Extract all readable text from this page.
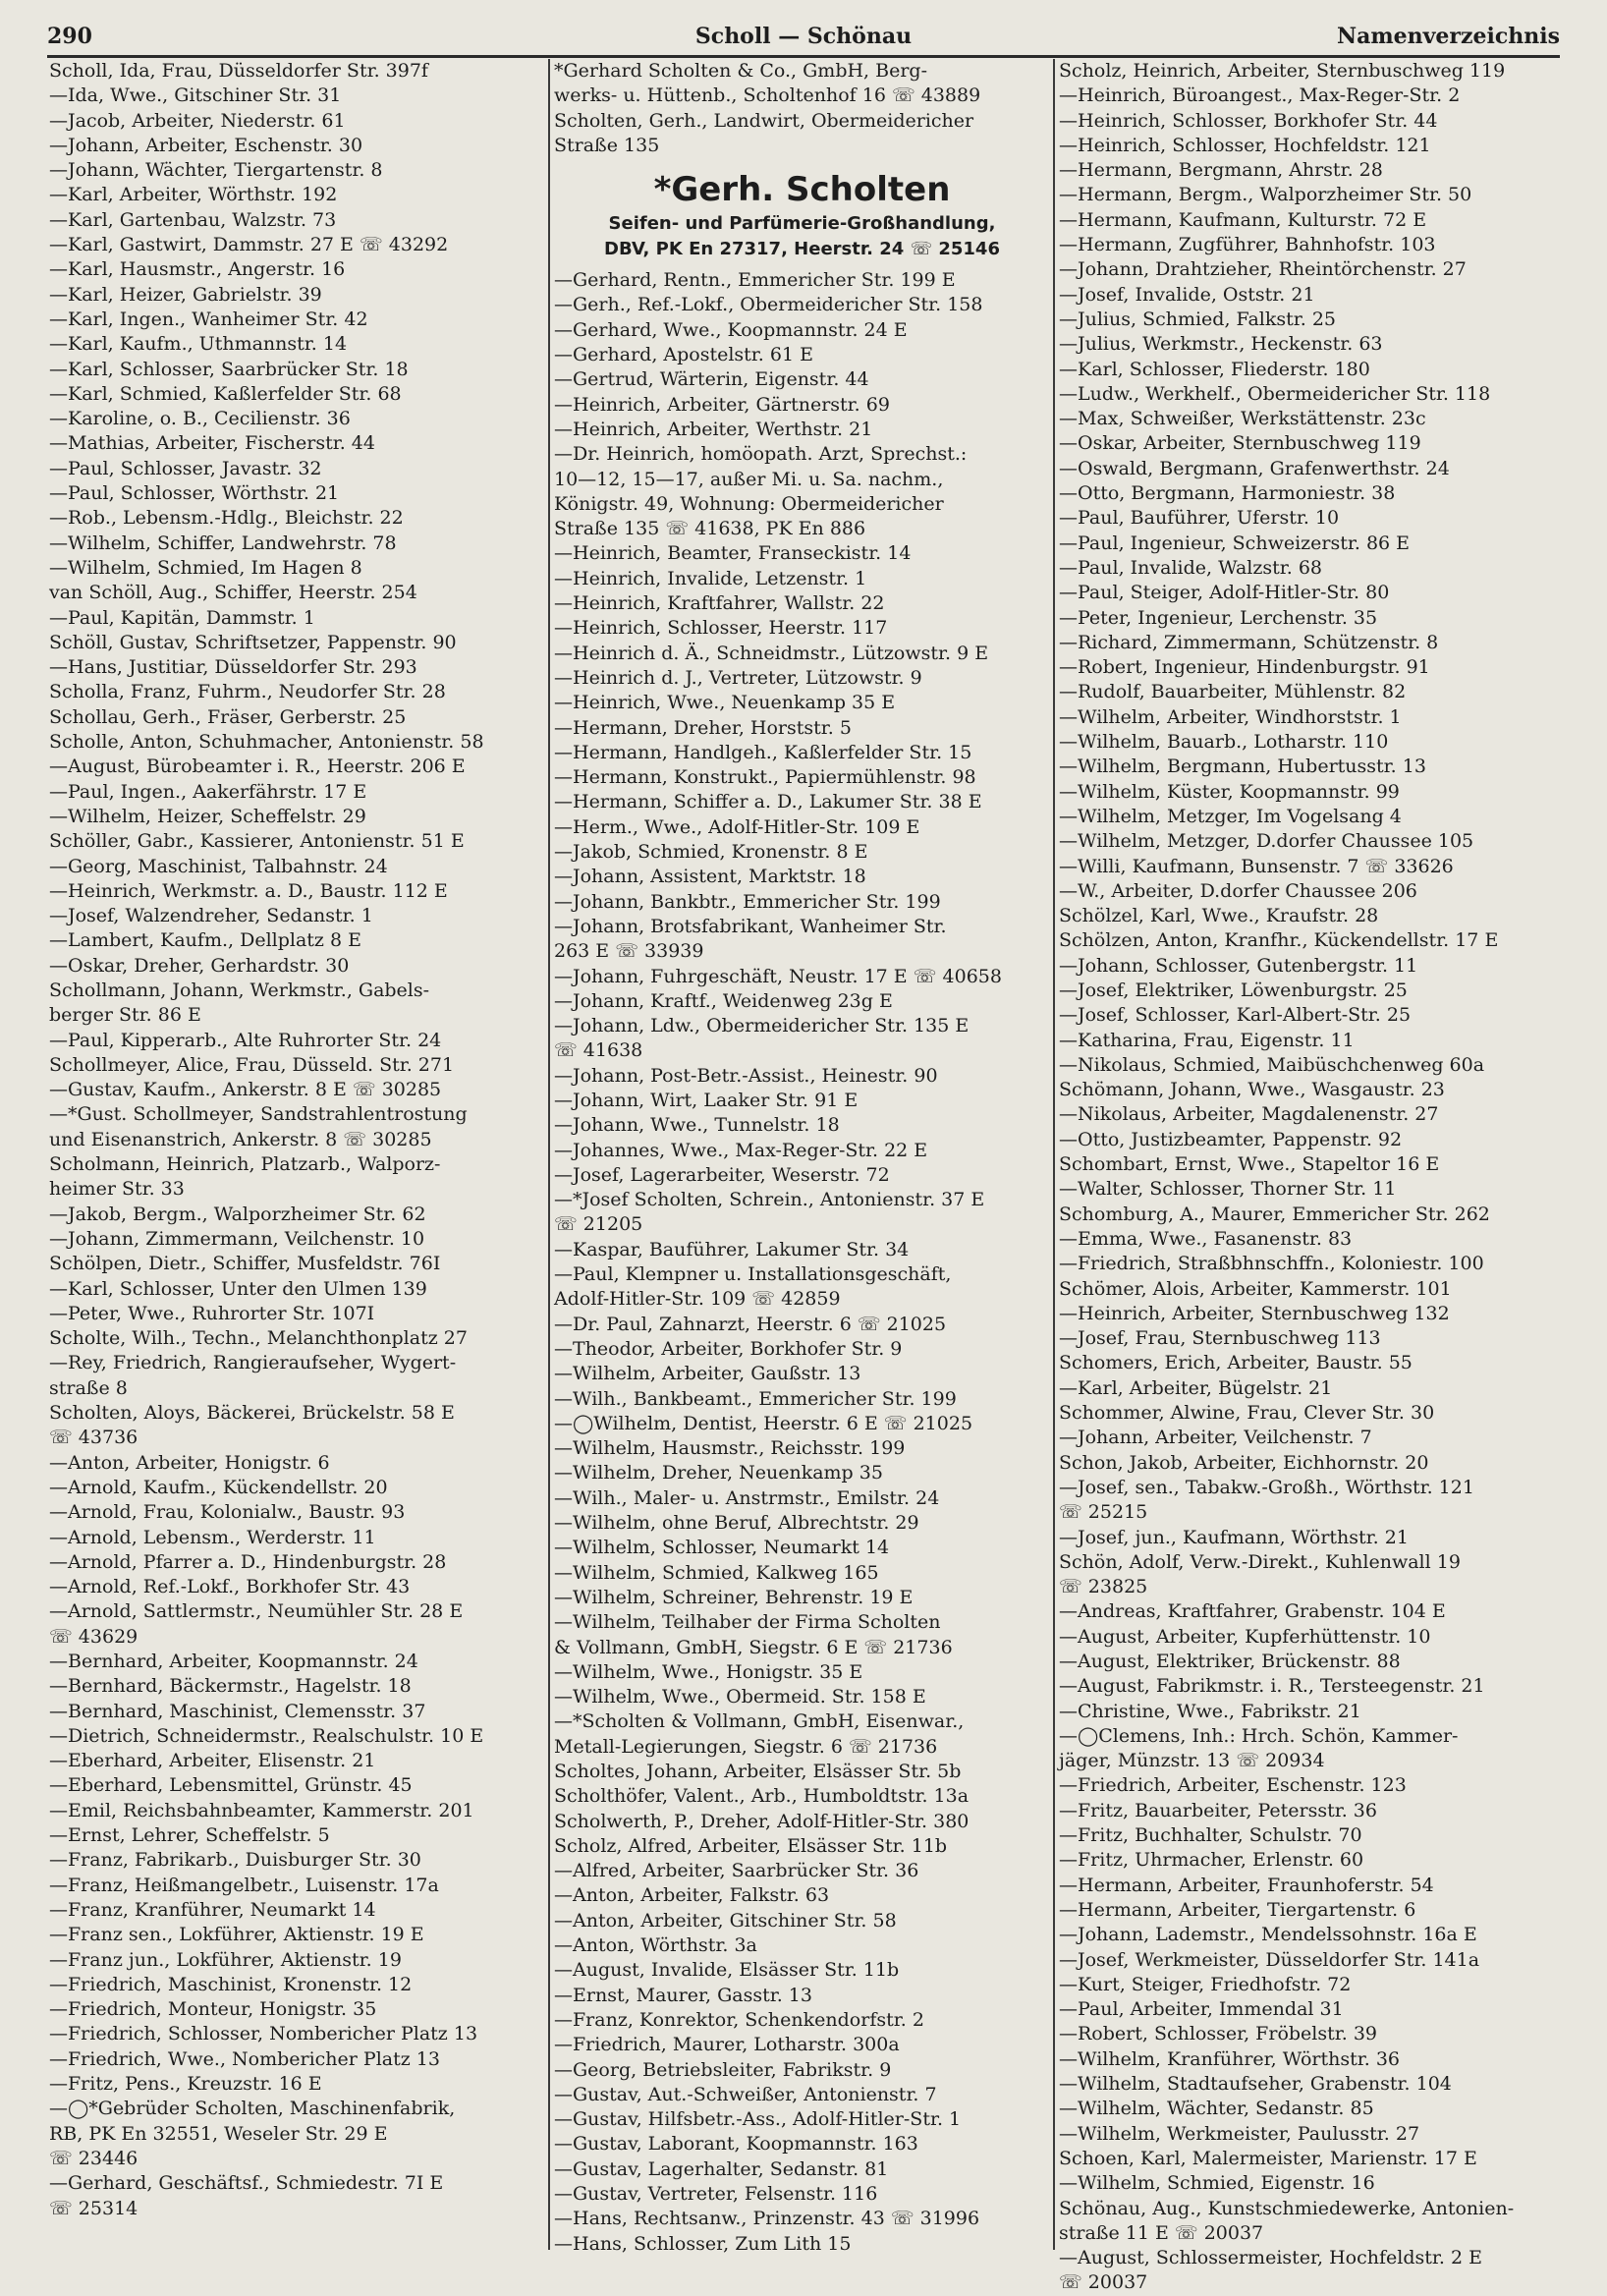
290	Scholl — Schönau	Namenverzeichnis
Scholl, Ida, Frau, Düsseldorfer Str. 397f
—Ida, Wwe., Gitschiner Str. 31
—Jacob, Arbeiter, Niederstr. 61
—Johann, Arbeiter, Eschenstr. 30
—Johann, Wächter, Tiergartenstr. 8
—Karl, Arbeiter, Wörthstr. 192
—Karl, Gartenbau, Walzstr. 73
—Karl, Gastwirt, Dammstr. 27 E ☏ 43292
—Karl, Hausmstr., Angerstr. 16
—Karl, Heizer, Gabrielstr. 39
—Karl, Ingen., Wanheimer Str. 42
—Karl, Kaufm., Uthmannstr. 14
—Karl, Schlosser, Saarbrücker Str. 18
—Karl, Schmied, Kaßlerfelder Str. 68
—Karoline, o. B., Cecilienstr. 36
—Mathias, Arbeiter, Fischerstr. 44
—Paul, Schlosser, Javastr. 32
—Paul, Schlosser, Wörthstr. 21
—Rob., Lebensm.-Hdlg., Bleichstr. 22
—Wilhelm, Schiffer, Landwehrstr. 78
—Wilhelm, Schmied, Im Hagen 8
van Schöll, Aug., Schiffer, Heerstr. 254
—Paul, Kapitän, Dammstr. 1
Schöll, Gustav, Schriftsetzer, Pappenstr. 90
—Hans, Justitiar, Düsseldorfer Str. 293
Scholla, Franz, Fuhrm., Neudorfer Str. 28
Schollau, Gerh., Fräser, Gerberstr. 25
Scholle, Anton, Schuhmacher, Antonienstr. 58
—August, Bürobeamter i. R., Heerstr. 206 E
—Paul, Ingen., Aakerfährstr. 17 E
—Wilhelm, Heizer, Scheffelstr. 29
Schöller, Gabr., Kassierer, Antonienstr. 51 E
—Georg, Maschinist, Talbahnstr. 24
—Heinrich, Werkmstr. a. D., Baustr. 112 E
—Josef, Walzendreher, Sedanstr. 1
—Lambert, Kaufm., Dellplatz 8 E
—Oskar, Dreher, Gerhardstr. 30
Schollmann, Johann, Werkmstr., Gabels-
berger Str. 86 E
—Paul, Kipperarb., Alte Ruhrorter Str. 24
Schollmeyer, Alice, Frau, Düsseld. Str. 271
—Gustav, Kaufm., Ankerstr. 8 E ☏ 30285
—*Gust. Schollmeyer, Sandstrahlentrostung
und Eisenanstrich, Ankerstr. 8 ☏ 30285
Scholmann, Heinrich, Platzarb., Walporz-
heimer Str. 33
—Jakob, Bergm., Walporzheimer Str. 62
—Johann, Zimmermann, Veilchenstr. 10
Schölpen, Dietr., Schiffer, Musfeldstr. 76I
—Karl, Schlosser, Unter den Ulmen 139
—Peter, Wwe., Ruhrorter Str. 107I
Scholte, Wilh., Techn., Melanchthonplatz 27
—Rey, Friedrich, Rangieraufseher, Wygert-
straße 8
Scholten, Aloys, Bäckerei, Brückelstr. 58 E
☏ 43736
—Anton, Arbeiter, Honigstr. 6
—Arnold, Kaufm., Kückendellstr. 20
—Arnold, Frau, Kolonialw., Baustr. 93
—Arnold, Lebensm., Werderstr. 11
—Arnold, Pfarrer a. D., Hindenburgstr. 28
—Arnold, Ref.-Lokf., Borkhofer Str. 43
—Arnold, Sattlermstr., Neumühler Str. 28 E
☏ 43629
—Bernhard, Arbeiter, Koopmannstr. 24
—Bernhard, Bäckermstr., Hagelstr. 18
—Bernhard, Maschinist, Clemensstr. 37
—Dietrich, Schneidermstr., Realschulstr. 10 E
—Eberhard, Arbeiter, Elisenstr. 21
—Eberhard, Lebensmittel, Grünstr. 45
—Emil, Reichsbahnbeamter, Kammerstr. 201
—Ernst, Lehrer, Scheffelstr. 5
—Franz, Fabrikarb., Duisburger Str. 30
—Franz, Heißmangelbetr., Luisenstr. 17a
—Franz, Kranführer, Neumarkt 14
—Franz sen., Lokführer, Aktienstr. 19 E
—Franz jun., Lokführer, Aktienstr. 19
—Friedrich, Maschinist, Kronenstr. 12
—Friedrich, Monteur, Honigstr. 35
—Friedrich, Schlosser, Nombericher Platz 13
—Friedrich, Wwe., Nombericher Platz 13
—Fritz, Pens., Kreuzstr. 16 E
—◯*Gebrüder Scholten, Maschinenfabrik,
RB, PK En 32551, Weseler Str. 29 E
☏ 23446
—Gerhard, Geschäftsf., Schmiedestr. 7I E
☏ 25314
*Gerhard Scholten & Co., GmbH, Berg-
werks- u. Hüttenb., Scholtenhof 16 ☏ 43889
Scholten, Gerh., Landwirt, Obermeidericher
Straße 135
*Gerh. Scholten
Seifen- und Parfümerie-Großhandlung,
DBV, PK En 27317, Heerstr. 24 ☏ 25146
—Gerhard, Rentn., Emmericher Str. 199 E
—Gerh., Ref.-Lokf., Obermeidericher Str. 158
—Gerhard, Wwe., Koopmannstr. 24 E
—Gerhard, Apostelstr. 61 E
—Gertrud, Wärterin, Eigenstr. 44
—Heinrich, Arbeiter, Gärtnerstr. 69
—Heinrich, Arbeiter, Werthstr. 21
—Dr. Heinrich, homöopath. Arzt, Sprechst.:
10—12, 15—17, außer Mi. u. Sa. nachm.,
Königstr. 49, Wohnung: Obermeidericher
Straße 135 ☏ 41638, PK En 886
—Heinrich, Beamter, Franseckistr. 14
—Heinrich, Invalide, Letzenstr. 1
—Heinrich, Kraftfahrer, Wallstr. 22
—Heinrich, Schlosser, Heerstr. 117
—Heinrich d. Ä., Schneidmstr., Lützowstr. 9 E
—Heinrich d. J., Vertreter, Lützowstr. 9
—Heinrich, Wwe., Neuenkamp 35 E
—Hermann, Dreher, Horststr. 5
—Hermann, Handlgeh., Kaßlerfelder Str. 15
—Hermann, Konstrukt., Papiermühlenstr. 98
—Hermann, Schiffer a. D., Lakumer Str. 38 E
—Herm., Wwe., Adolf-Hitler-Str. 109 E
—Jakob, Schmied, Kronenstr. 8 E
—Johann, Assistent, Marktstr. 18
—Johann, Bankbtr., Emmericher Str. 199
—Johann, Brotsfabrikant, Wanheimer Str.
263 E ☏ 33939
—Johann, Fuhrgeschäft, Neustr. 17 E ☏ 40658
—Johann, Kraftf., Weidenweg 23g E
—Johann, Ldw., Obermeidericher Str. 135 E
☏ 41638
—Johann, Post-Betr.-Assist., Heinestr. 90
—Johann, Wirt, Laaker Str. 91 E
—Johann, Wwe., Tunnelstr. 18
—Johannes, Wwe., Max-Reger-Str. 22 E
—Josef, Lagerarbeiter, Weserstr. 72
—*Josef Scholten, Schrein., Antonienstr. 37 E
☏ 21205
—Kaspar, Bauführer, Lakumer Str. 34
—Paul, Klempner u. Installationsgeschäft,
Adolf-Hitler-Str. 109 ☏ 42859
—Dr. Paul, Zahnarzt, Heerstr. 6 ☏ 21025
—Theodor, Arbeiter, Borkhofer Str. 9
—Wilhelm, Arbeiter, Gaußstr. 13
—Wilh., Bankbeamt., Emmericher Str. 199
—◯Wilhelm, Dentist, Heerstr. 6 E ☏ 21025
—Wilhelm, Hausmstr., Reichsstr. 199
—Wilhelm, Dreher, Neuenkamp 35
—Wilh., Maler- u. Anstrmstr., Emilstr. 24
—Wilhelm, ohne Beruf, Albrechtstr. 29
—Wilhelm, Schlosser, Neumarkt 14
—Wilhelm, Schmied, Kalkweg 165
—Wilhelm, Schreiner, Behrenstr. 19 E
—Wilhelm, Teilhaber der Firma Scholten
& Vollmann, GmbH, Siegstr. 6 E ☏ 21736
—Wilhelm, Wwe., Honigstr. 35 E
—Wilhelm, Wwe., Obermeid. Str. 158 E
—*Scholten & Vollmann, GmbH, Eisenwar.,
Metall-Legierungen, Siegstr. 6 ☏ 21736
Scholtes, Johann, Arbeiter, Elsässer Str. 5b
Scholthöfer, Valent., Arb., Humboldtstr. 13a
Scholwerth, P., Dreher, Adolf-Hitler-Str. 380
Scholz, Alfred, Arbeiter, Elsässer Str. 11b
—Alfred, Arbeiter, Saarbrücker Str. 36
—Anton, Arbeiter, Falkstr. 63
—Anton, Arbeiter, Gitschiner Str. 58
—Anton, Wörthstr. 3a
—August, Invalide, Elsässer Str. 11b
—Ernst, Maurer, Gasstr. 13
—Franz, Konrektor, Schenkendorfstr. 2
—Friedrich, Maurer, Lotharstr. 300a
—Georg, Betriebsleiter, Fabrikstr. 9
—Gustav, Aut.-Schweißer, Antonienstr. 7
—Gustav, Hilfsbetr.-Ass., Adolf-Hitler-Str. 1
—Gustav, Laborant, Koopmannstr. 163
—Gustav, Lagerhalter, Sedanstr. 81
—Gustav, Vertreter, Felsenstr. 116
—Hans, Rechtsanw., Prinzenstr. 43 ☏ 31996
—Hans, Schlosser, Zum Lith 15
Scholz, Heinrich, Arbeiter, Sternbuschweg 119
—Heinrich, Büroangest., Max-Reger-Str. 2
—Heinrich, Schlosser, Borkhofer Str. 44
—Heinrich, Schlosser, Hochfeldstr. 121
—Hermann, Bergmann, Ahrstr. 28
—Hermann, Bergm., Walporzheimer Str. 50
—Hermann, Kaufmann, Kulturstr. 72 E
—Hermann, Zugführer, Bahnhofstr. 103
—Johann, Drahtzieher, Rheintörchenstr. 27
—Josef, Invalide, Oststr. 21
—Julius, Schmied, Falkstr. 25
—Julius, Werkmstr., Heckenstr. 63
—Karl, Schlosser, Fliederstr. 180
—Ludw., Werkhelf., Obermeidericher Str. 118
—Max, Schweißer, Werkstättenstr. 23c
—Oskar, Arbeiter, Sternbuschweg 119
—Oswald, Bergmann, Grafenwerthstr. 24
—Otto, Bergmann, Harmoniestr. 38
—Paul, Bauführer, Uferstr. 10
—Paul, Ingenieur, Schweizerstr. 86 E
—Paul, Invalide, Walzstr. 68
—Paul, Steiger, Adolf-Hitler-Str. 80
—Peter, Ingenieur, Lerchenstr. 35
—Richard, Zimmermann, Schützenstr. 8
—Robert, Ingenieur, Hindenburgstr. 91
—Rudolf, Bauarbeiter, Mühlenstr. 82
—Wilhelm, Arbeiter, Windhorststr. 1
—Wilhelm, Bauarb., Lotharstr. 110
—Wilhelm, Bergmann, Hubertusstr. 13
—Wilhelm, Küster, Koopmannstr. 99
—Wilhelm, Metzger, Im Vogelsang 4
—Wilhelm, Metzger, D.dorfer Chaussee 105
—Willi, Kaufmann, Bunsenstr. 7 ☏ 33626
—W., Arbeiter, D.dorfer Chaussee 206
Schölzel, Karl, Wwe., Kraufstr. 28
Schölzen, Anton, Kranfhr., Kückendellstr. 17 E
—Johann, Schlosser, Gutenbergstr. 11
—Josef, Elektriker, Löwenburgstr. 25
—Josef, Schlosser, Karl-Albert-Str. 25
—Katharina, Frau, Eigenstr. 11
—Nikolaus, Schmied, Maibüschchenweg 60a
Schömann, Johann, Wwe., Wasgaustr. 23
—Nikolaus, Arbeiter, Magdalenenstr. 27
—Otto, Justizbeamter, Pappenstr. 92
Schombart, Ernst, Wwe., Stapeltor 16 E
—Walter, Schlosser, Thorner Str. 11
Schomburg, A., Maurer, Emmericher Str. 262
—Emma, Wwe., Fasanenstr. 83
—Friedrich, Straßbhnschffn., Koloniestr. 100
Schömer, Alois, Arbeiter, Kammerstr. 101
—Heinrich, Arbeiter, Sternbuschweg 132
—Josef, Frau, Sternbuschweg 113
Schomers, Erich, Arbeiter, Baustr. 55
—Karl, Arbeiter, Bügelstr. 21
Schommer, Alwine, Frau, Clever Str. 30
—Johann, Arbeiter, Veilchenstr. 7
Schon, Jakob, Arbeiter, Eichhornstr. 20
—Josef, sen., Tabakw.-Großh., Wörthstr. 121
☏ 25215
—Josef, jun., Kaufmann, Wörthstr. 21
Schön, Adolf, Verw.-Direkt., Kuhlenwall 19
☏ 23825
—Andreas, Kraftfahrer, Grabenstr. 104 E
—August, Arbeiter, Kupferhüttenstr. 10
—August, Elektriker, Brückenstr. 88
—August, Fabrikmstr. i. R., Tersteegenstr. 21
—Christine, Wwe., Fabrikstr. 21
—◯Clemens, Inh.: Hrch. Schön, Kammer-
jäger, Münzstr. 13 ☏ 20934
—Friedrich, Arbeiter, Eschenstr. 123
—Fritz, Bauarbeiter, Petersstr. 36
—Fritz, Buchhalter, Schulstr. 70
—Fritz, Uhrmacher, Erlenstr. 60
—Hermann, Arbeiter, Fraunhoferstr. 54
—Hermann, Arbeiter, Tiergartenstr. 6
—Johann, Lademstr., Mendelssohnstr. 16a E
—Josef, Werkmeister, Düsseldorfer Str. 141a
—Kurt, Steiger, Friedhofstr. 72
—Paul, Arbeiter, Immendal 31
—Robert, Schlosser, Fröbelstr. 39
—Wilhelm, Kranführer, Wörthstr. 36
—Wilhelm, Stadtaufseher, Grabenstr. 104
—Wilhelm, Wächter, Sedanstr. 85
—Wilhelm, Werkmeister, Paulusstr. 27
Schoen, Karl, Malermeister, Marienstr. 17 E
—Wilhelm, Schmied, Eigenstr. 16
Schönau, Aug., Kunstschmiedewerke, Antonien-
straße 11 E ☏ 20037
—August, Schlossermeister, Hochfeldstr. 2 E
☏ 20037
